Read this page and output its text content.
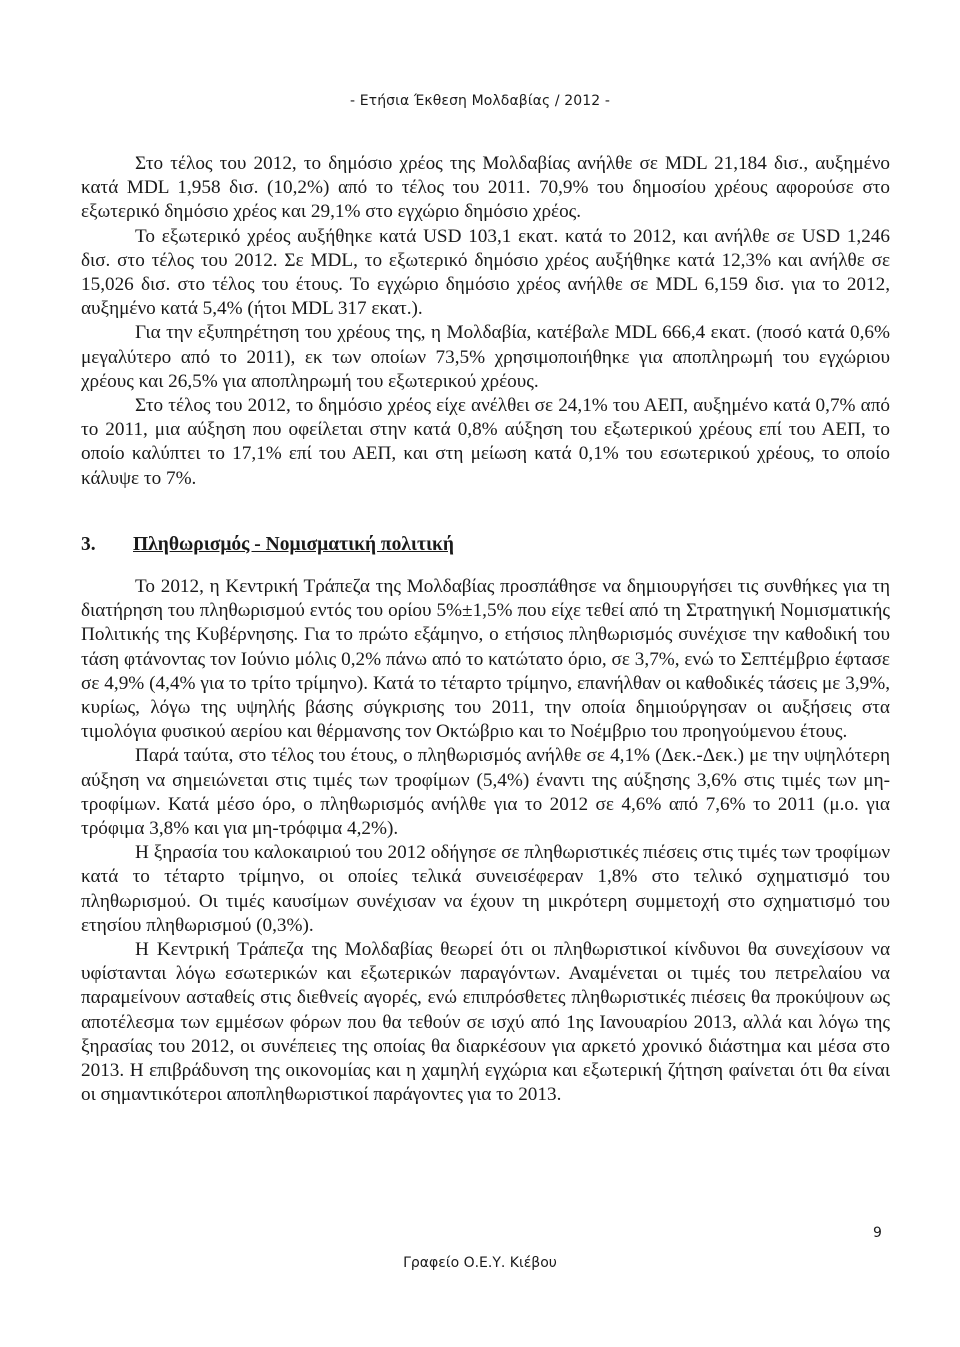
- Ετήσια Έκθεση Μολδαβίας / 2012 -

Στο τέλος του 2012, το δημόσιο χρέος της Μολδαβίας ανήλθε σε MDL 21,184 δισ., αυξημένο κατά MDL 1,958 δισ. (10,2%) από το τέλος του 2011. 70,9% του δημοσίου χρέους αφορούσε στο εξωτερικό δημόσιο χρέος και 29,1% στο εγχώριο δημόσιο χρέος.

Το εξωτερικό χρέος αυξήθηκε κατά USD 103,1 εκατ. κατά το 2012, και ανήλθε σε USD 1,246 δισ. στο τέλος του 2012. Σε MDL, το εξωτερικό δημόσιο χρέος αυξήθηκε κατά 12,3% και ανήλθε σε 15,026 δισ. στο τέλος του έτους. Το εγχώριο δημόσιο χρέος ανήλθε σε MDL 6,159 δισ. για το 2012, αυξημένο κατά 5,4% (ήτοι MDL 317 εκατ.).

Για την εξυπηρέτηση του χρέους της, η Μολδαβία, κατέβαλε MDL 666,4 εκατ. (ποσό κατά 0,6% μεγαλύτερο από το 2011), εκ των οποίων 73,5% χρησιμοποιήθηκε για αποπληρωμή του εγχώριου χρέους και 26,5% για αποπληρωμή του εξωτερικού χρέους.

Στο τέλος του 2012, το δημόσιο χρέος είχε ανέλθει σε 24,1% του ΑΕΠ, αυξημένο κατά 0,7% από το 2011, μια αύξηση που οφείλεται στην κατά 0,8% αύξηση του εξωτερικού χρέους επί του ΑΕΠ, το οποίο καλύπτει το 17,1% επί του ΑΕΠ, και στη μείωση κατά 0,1% του εσωτερικού χρέους, το οποίο κάλυψε το 7%.

3. Πληθωρισμός - Νομισματική πολιτική

Το 2012, η Κεντρική Τράπεζα της Μολδαβίας προσπάθησε να δημιουργήσει τις συνθήκες για τη διατήρηση του πληθωρισμού εντός του ορίου 5%±1,5% που είχε τεθεί από τη Στρατηγική Νομισματικής Πολιτικής της Κυβέρνησης. Για το πρώτο εξάμηνο, ο ετήσιος πληθωρισμός συνέχισε την καθοδική του τάση φτάνοντας τον Ιούνιο μόλις 0,2% πάνω από το κατώτατο όριο, σε 3,7%, ενώ το Σεπτέμβριο έφτασε σε 4,9% (4,4% για το τρίτο τρίμηνο). Κατά το τέταρτο τρίμηνο, επανήλθαν οι καθοδικές τάσεις με 3,9%, κυρίως, λόγω της υψηλής βάσης σύγκρισης του 2011, την οποία δημιούργησαν οι αυξήσεις στα τιμολόγια φυσικού αερίου και θέρμανσης τον Οκτώβριο και το Νοέμβριο του προηγούμενου έτους.

Παρά ταύτα, στο τέλος του έτους, ο πληθωρισμός ανήλθε σε 4,1% (Δεκ.-Δεκ.) με την υψηλότερη αύξηση να σημειώνεται στις τιμές των τροφίμων (5,4%) έναντι της αύξησης 3,6% στις τιμές των μη-τροφίμων. Κατά μέσο όρο, ο πληθωρισμός ανήλθε για το 2012 σε 4,6% από 7,6% το 2011 (μ.ο. για τρόφιμα 3,8% και για μη-τρόφιμα 4,2%).

Η ξηρασία του καλοκαιριού του 2012 οδήγησε σε πληθωριστικές πιέσεις στις τιμές των τροφίμων κατά το τέταρτο τρίμηνο, οι οποίες τελικά συνεισέφεραν 1,8% στο τελικό σχηματισμό του πληθωρισμού. Οι τιμές καυσίμων συνέχισαν να έχουν τη μικρότερη συμμετοχή στο σχηματισμό του ετησίου πληθωρισμού (0,3%).

Η Κεντρική Τράπεζα της Μολδαβίας θεωρεί ότι οι πληθωριστικοί κίνδυνοι θα συνεχίσουν να υφίστανται λόγω εσωτερικών και εξωτερικών παραγόντων. Αναμένεται οι τιμές του πετρελαίου να παραμείνουν ασταθείς στις διεθνείς αγορές, ενώ επιπρόσθετες πληθωριστικές πιέσεις θα προκύψουν ως αποτέλεσμα των εμμέσων φόρων που θα τεθούν σε ισχύ από 1ης Ιανουαρίου 2013, αλλά και λόγω της ξηρασίας του 2012, οι συνέπειες της οποίας θα διαρκέσουν για αρκετό χρονικό διάστημα και μέσα στο 2013. Η επιβράδυνση της οικονομίας και η χαμηλή εγχώρια και εξωτερική ζήτηση φαίνεται ότι θα είναι οι σημαντικότεροι αποπληθωριστικοί παράγοντες για το 2013.

9
Γραφείο Ο.Ε.Υ. Κιέβου
